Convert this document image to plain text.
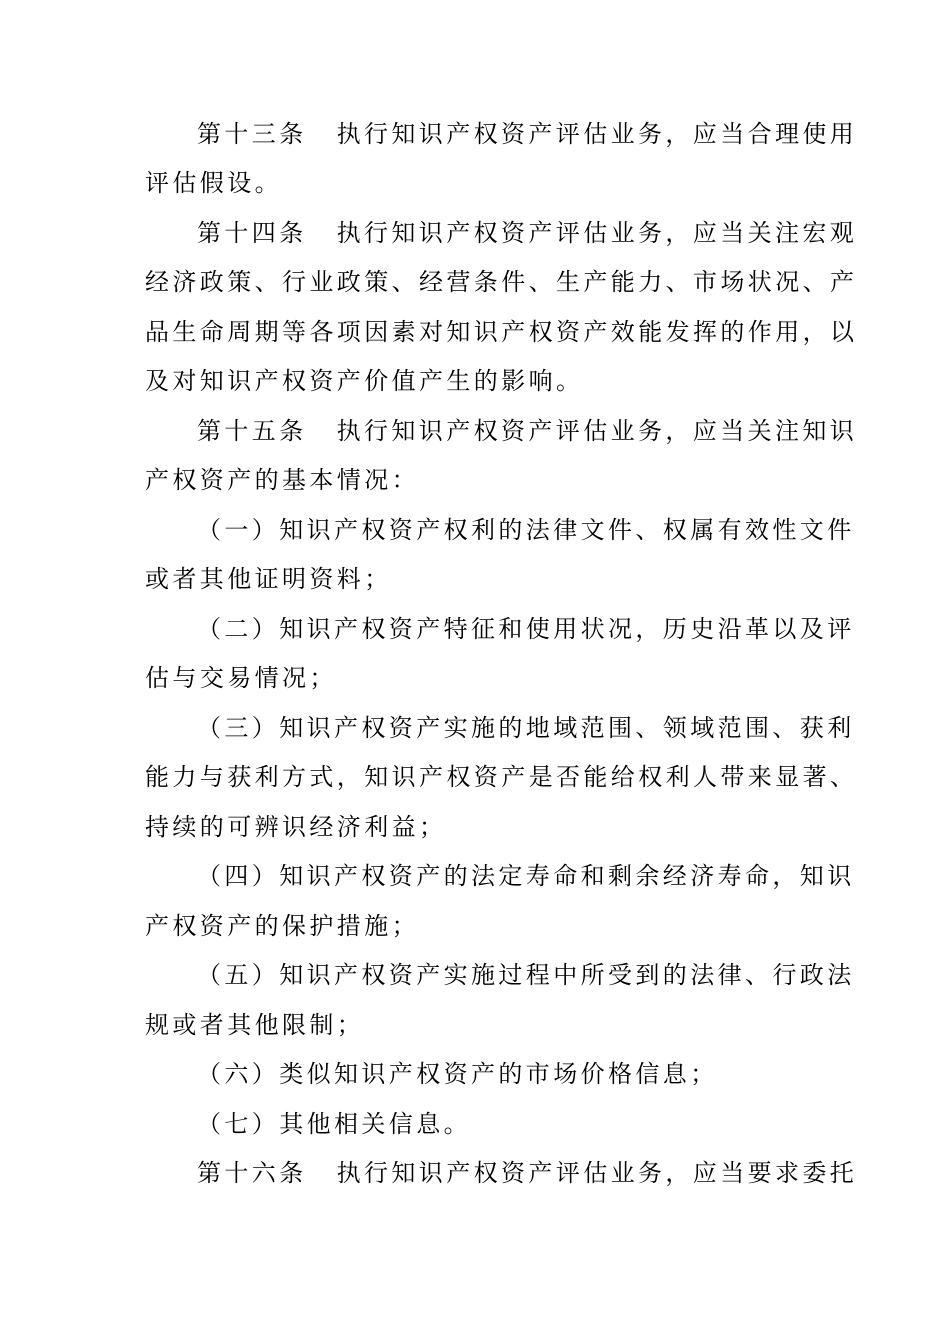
第十三条 执行知识产权资产评估业务，应当合理使用
评估假设。
第十四条 执行知识产权资产评估业务，应当关注宏观
经济政策、行业政策、经营条件、生产能力、市场状况、产
品生命周期等各项因素对知识产权资产效能发挥的作用，以
及对知识产权资产价值产生的影响。
第十五条 执行知识产权资产评估业务，应当关注知识
产权资产的基本情况：
（一）知识产权资产权利的法律文件、权属有效性文件
或者其他证明资料；
（二）知识产权资产特征和使用状况，历史沿革以及评
估与交易情况；
（三）知识产权资产实施的地域范围、领域范围、获利
能力与获利方式，知识产权资产是否能给权利人带来显著、
持续的可辨识经济利益；
（四）知识产权资产的法定寿命和剩余经济寿命，知识
产权资产的保护措施；
（五）知识产权资产实施过程中所受到的法律、行政法
规或者其他限制；
（六）类似知识产权资产的市场价格信息；
（七）其他相关信息。
第十六条 执行知识产权资产评估业务，应当要求委托
